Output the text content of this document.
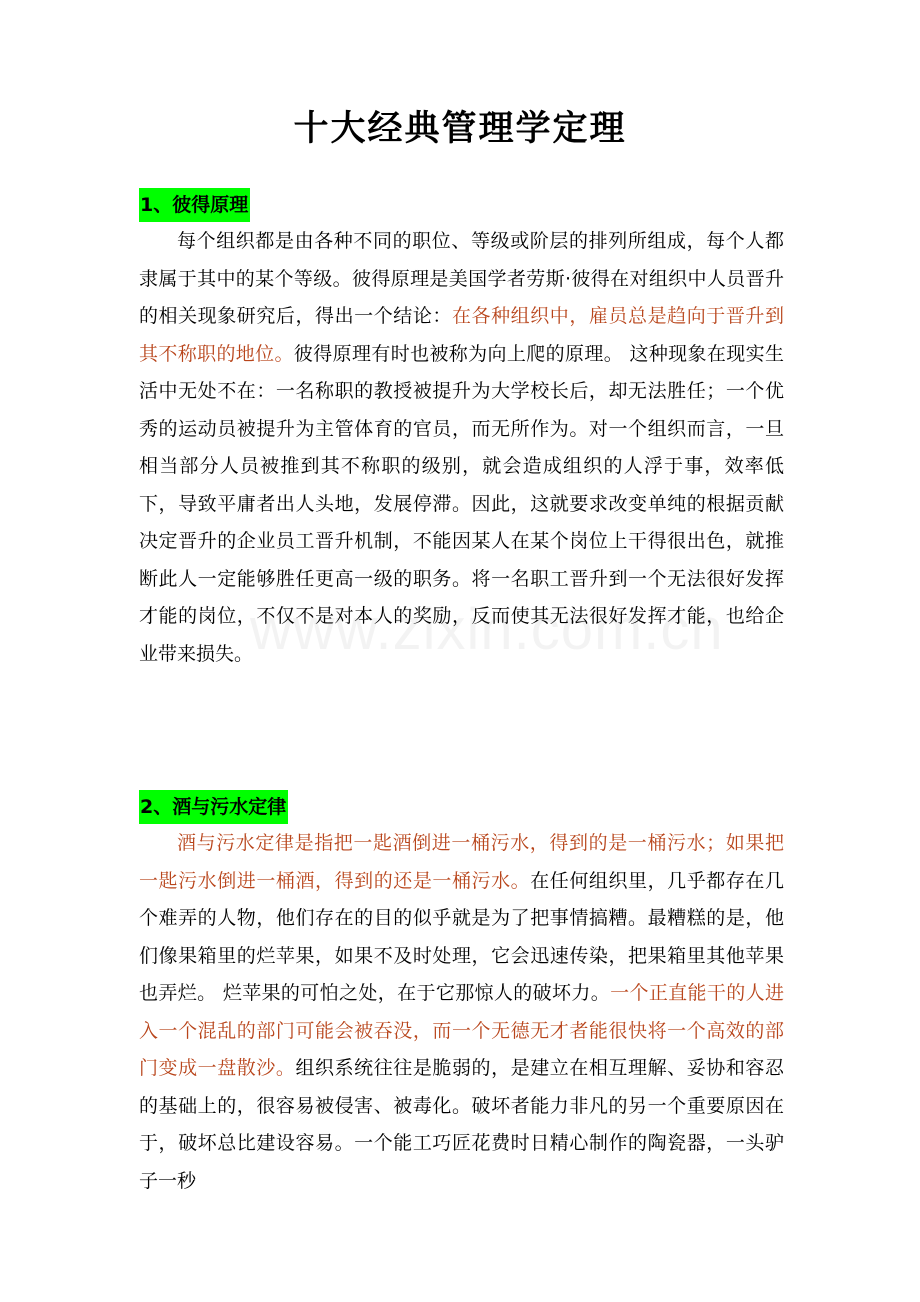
十大经典管理学定理
1、彼得原理

每个组织都是由各种不同的职位、等级或阶层的排列所组成，每个人都隶属于其中的某个等级。彼得原理是美国学者劳斯·彼得在对组织中人员晋升的相关现象研究后，得出一个结论：在各种组织中，雇员总是趋向于晋升到其不称职的地位。彼得原理有时也被称为向上爬的原理。 这种现象在现实生活中无处不在：一名称职的教授被提升为大学校长后，却无法胜任；一个优秀的运动员被提升为主管体育的官员，而无所作为。对一个组织而言，一旦相当部分人员被推到其不称职的级别，就会造成组织的人浮于事，效率低下，导致平庸者出人头地，发展停滞。因此，这就要求改变单纯的根据贡献决定晋升的企业员工晋升机制，不能因某人在某个岗位上干得很出色，就推断此人一定能够胜任更高一级的职务。将一名职工晋升到一个无法很好发挥才能的岗位，不仅不是对本人的奖励，反而使其无法很好发挥才能，也给企业带来损失。

2、酒与污水定律

酒与污水定律是指把一匙酒倒进一桶污水，得到的是一桶污水；如果把一匙污水倒进一桶酒，得到的还是一桶污水。在任何组织里，几乎都存在几个难弄的人物，他们存在的目的似乎就是为了把事情搞糟。最糟糕的是，他们像果箱里的烂苹果，如果不及时处理，它会迅速传染，把果箱里其他苹果也弄烂。 烂苹果的可怕之处，在于它那惊人的破坏力。一个正直能干的人进入一个混乱的部门可能会被吞没，而一个无德无才者能很快将一个高效的部门变成一盘散沙。组织系统往往是脆弱的，是建立在相互理解、妥协和容忍的基础上的，很容易被侵害、被毒化。破坏者能力非凡的另一个重要原因在于，破坏总比建设容易。一个能工巧匠花费时日精心制作的陶瓷器，一头驴子一秒
